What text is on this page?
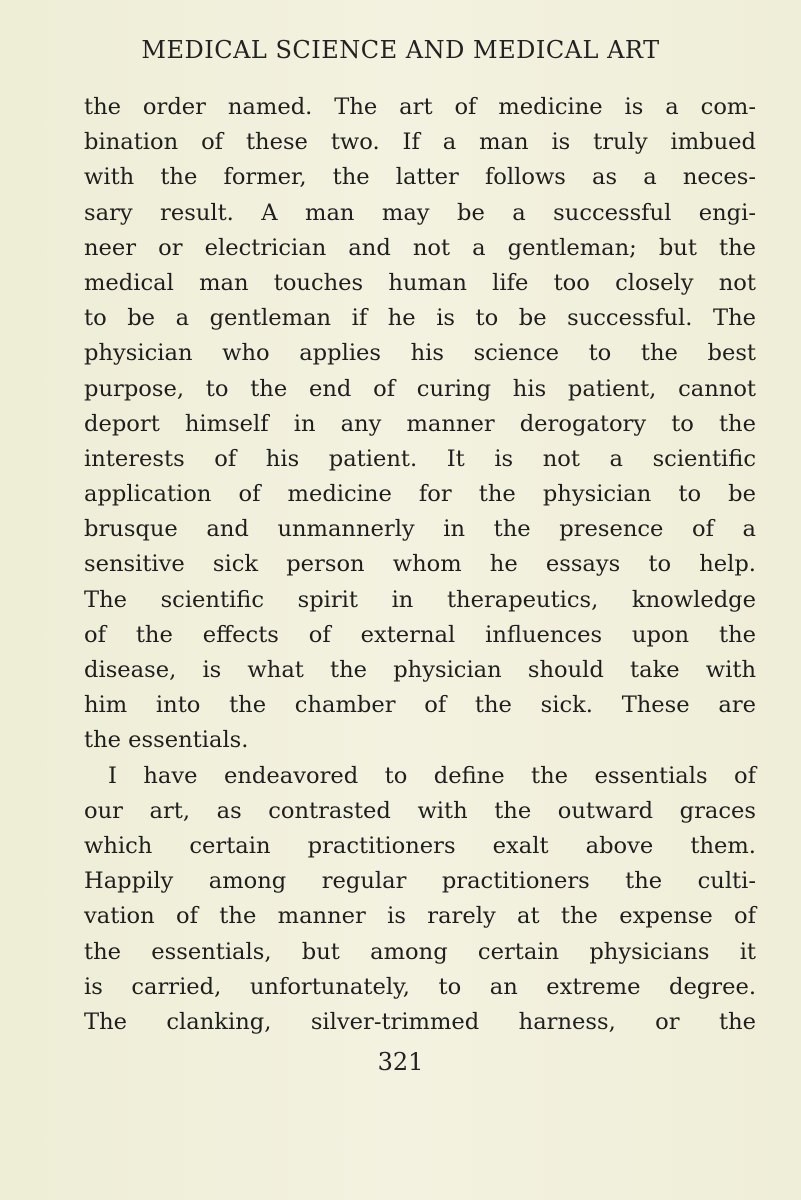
MEDICAL SCIENCE AND MEDICAL ART
the order named. The art of medicine is a com-
bination of these two. If a man is truly imbued
with the former, the latter follows as a neces-
sary result. A man may be a successful engi-
neer or electrician and not a gentleman; but the
medical man touches human life too closely not
to be a gentleman if he is to be successful. The
physician who applies his science to the best
purpose, to the end of curing his patient, cannot
deport himself in any manner derogatory to the
interests of his patient. It is not a scientific
application of medicine for the physician to be
brusque and unmannerly in the presence of a
sensitive sick person whom he essays to help.
The scientific spirit in therapeutics, knowledge
of the effects of external influences upon the
disease, is what the physician should take with
him into the chamber of the sick. These are
the essentials.
I have endeavored to define the essentials of
our art, as contrasted with the outward graces
which certain practitioners exalt above them.
Happily among regular practitioners the culti-
vation of the manner is rarely at the expense of
the essentials, but among certain physicians it
is carried, unfortunately, to an extreme degree.
The clanking, silver-trimmed harness, or the
321
